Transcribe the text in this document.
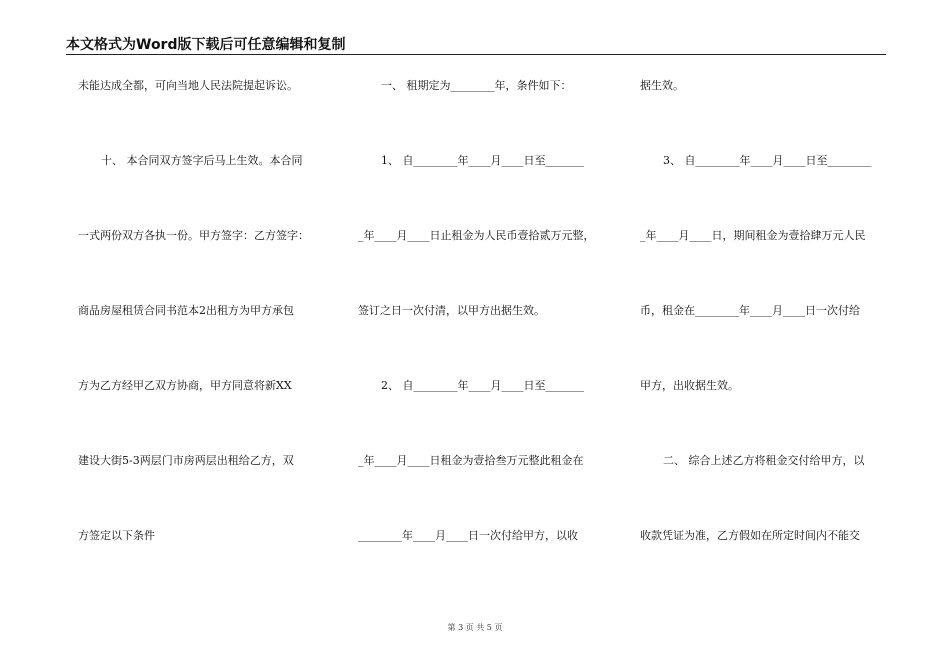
本文格式为Word版下载后可任意编辑和复制
未能达成全都，可向当地人民法院提起诉讼。
十、 本合同双方签字后马上生效。本合同
一式两份双方各执一份。甲方签字：乙方签字：
商品房屋租赁合同书范本2出租方为甲方承包
方为乙方经甲乙双方协商，甲方同意将新XX
建设大街5-3两层门市房两层出租给乙方，双
方签定以下条件
一、 租期定为________年，条件如下：
1、 自________年____月____日至_______
_年____月____日止租金为人民币壹拾贰万元整，
签订之日一次付清，以甲方出据生效。
2、 自________年____月____日至_______
_年____月____日租金为壹拾叁万元整此租金在
________年____月____日一次付给甲方，以收
据生效。
3、 自________年____月____日至________
_年____月____日，期间租金为壹拾肆万元人民
币，租金在________年____月____日一次付给
甲方，出收据生效。
二、 综合上述乙方将租金交付给甲方，以
收款凭证为准，乙方假如在所定时间内不能交
第 3 页 共 5 页
